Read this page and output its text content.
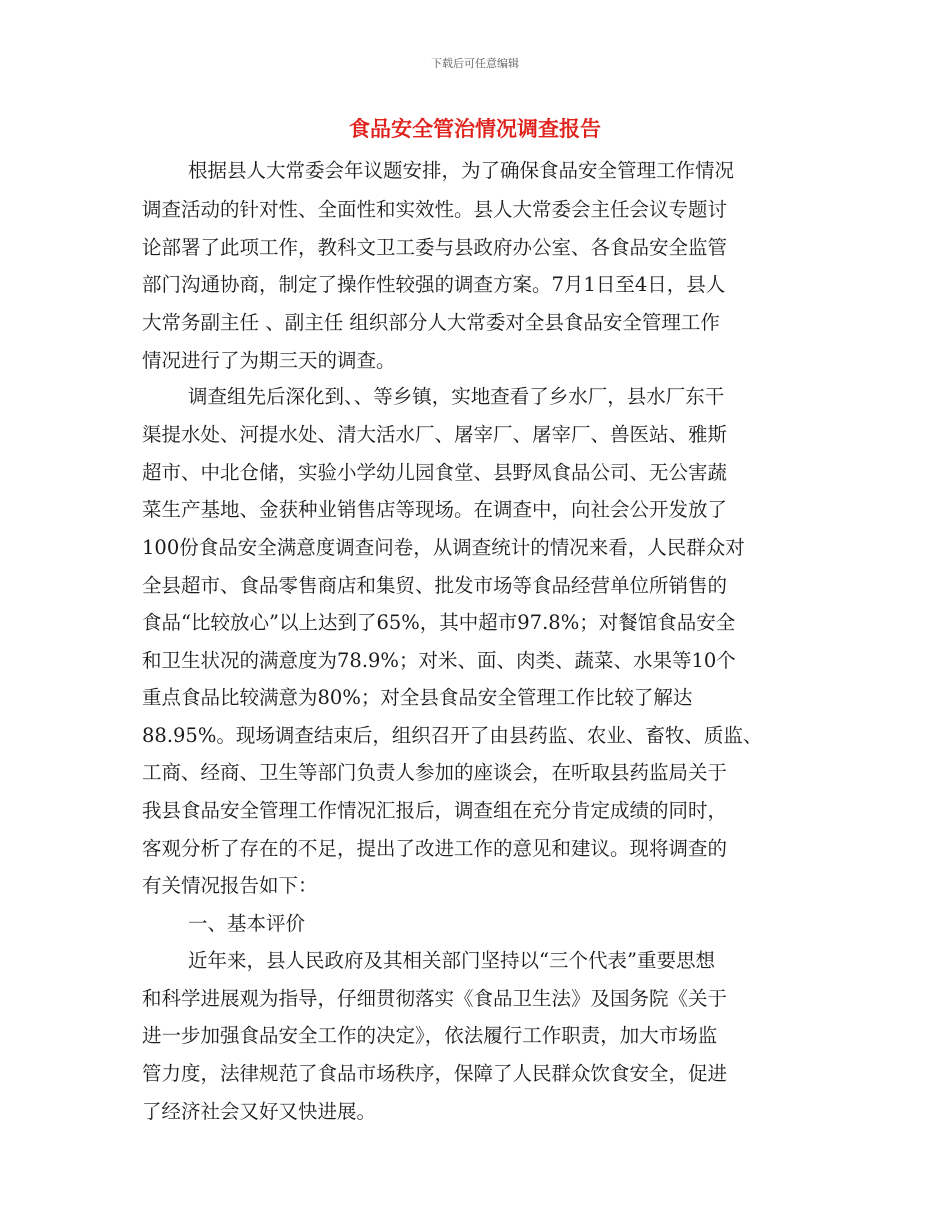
下载后可任意编辑
食品安全管治情况调查报告
根据县人大常委会年议题安排，为了确保食品安全管理工作情况
调查活动的针对性、全面性和实效性。县人大常委会主任会议专题讨
论部署了此项工作，教科文卫工委与县政府办公室、各食品安全监管
部门沟通协商，制定了操作性较强的调查方案。7月1日至4日，县人
大常务副主任 、副主任 组织部分人大常委对全县食品安全管理工作
情况进行了为期三天的调查。
调查组先后深化到、、等乡镇，实地查看了乡水厂，县水厂东干
渠提水处、河提水处、清大活水厂、屠宰厂、屠宰厂、兽医站、雅斯
超市、中北仓储，实验小学幼儿园食堂、县野凤食品公司、无公害蔬
菜生产基地、金获种业销售店等现场。在调查中，向社会公开发放了
100份食品安全满意度调查问卷，从调查统计的情况来看，人民群众对
全县超市、食品零售商店和集贸、批发市场等食品经营单位所销售的
食品“比较放心”以上达到了65%，其中超市97.8%；对餐馆食品安全
和卫生状况的满意度为78.9%；对米、面、肉类、蔬菜、水果等10个
重点食品比较满意为80%；对全县食品安全管理工作比较了解达
88.95%。现场调查结束后，组织召开了由县药监、农业、畜牧、质监、
工商、经商、卫生等部门负责人参加的座谈会，在听取县药监局关于
我县食品安全管理工作情况汇报后，调查组在充分肯定成绩的同时，
客观分析了存在的不足，提出了改进工作的意见和建议。现将调查的
有关情况报告如下：
一、基本评价
近年来，县人民政府及其相关部门坚持以“三个代表”重要思想
和科学进展观为指导，仔细贯彻落实《食品卫生法》及国务院《关于
进一步加强食品安全工作的决定》，依法履行工作职责，加大市场监
管力度，法律规范了食品市场秩序，保障了人民群众饮食安全，促进
了经济社会又好又快进展。
